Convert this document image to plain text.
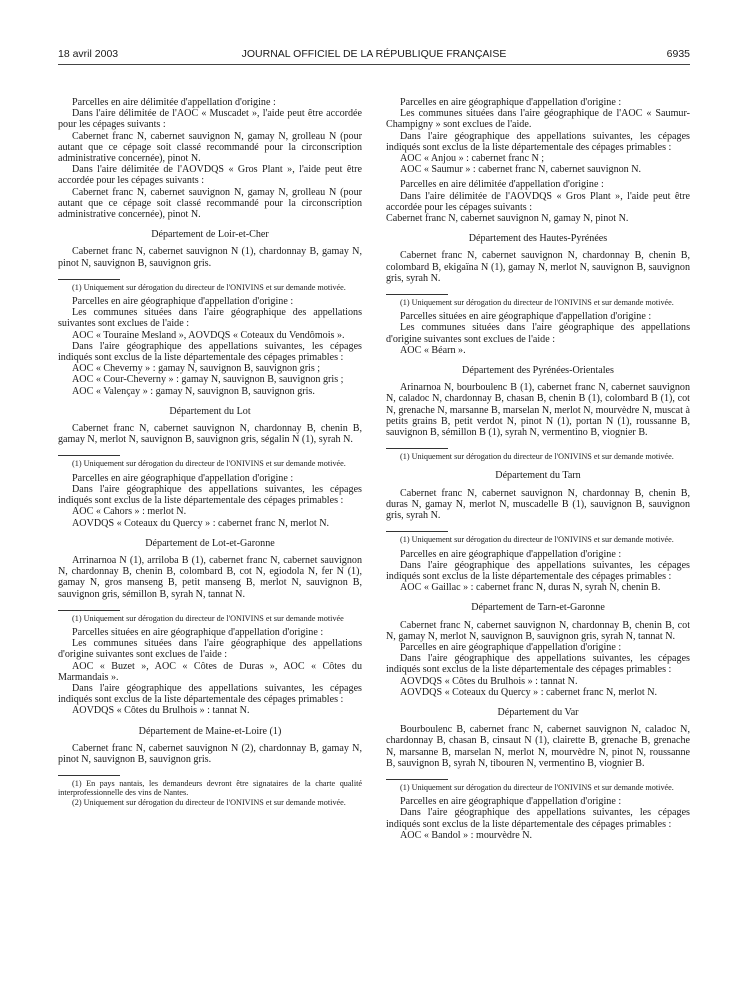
18 avril 2003	JOURNAL OFFICIEL DE LA RÉPUBLIQUE FRANÇAISE	6935

Parcelles en aire délimitée d'appellation d'origine :

Dans l'aire délimitée de l'AOC « Muscadet », l'aide peut être accordée pour les cépages suivants :

Cabernet franc N, cabernet sauvignon N, gamay N, grolleau N (pour autant que ce cépage soit classé recommandé pour la circonscription administrative concernée), pinot N.

Dans l'aire délimitée de l'AOVDQS « Gros Plant », l'aide peut être accordée pour les cépages suivants :

Cabernet franc N, cabernet sauvignon N, gamay N, grolleau N (pour autant que ce cépage soit classé recommandé pour la circonscription administrative concernée), pinot N.

Département de Loir-et-Cher

Cabernet franc N, cabernet sauvignon N (1), chardonnay B, gamay N, pinot N, sauvignon B, sauvignon gris.

(1) Uniquement sur dérogation du directeur de l'ONIVINS et sur demande motivée.

Parcelles en aire géographique d'appellation d'origine :

Les communes situées dans l'aire géographique des appellations suivantes sont exclues de l'aide :

AOC « Touraine Mesland », AOVDQS « Coteaux du Vendômois ».

Dans l'aire géographique des appellations suivantes, les cépages indiqués sont exclus de la liste départementale des cépages primables :

AOC « Cheverny » : gamay N, sauvignon B, sauvignon gris ;

AOC « Cour-Cheverny » : gamay N, sauvignon B, sauvignon gris ;

AOC « Valençay » : gamay N, sauvignon B, sauvignon gris.

Département du Lot

Cabernet franc N, cabernet sauvignon N, chardonnay B, chenin B, gamay N, merlot N, sauvignon B, sauvignon gris, ségalin N (1), syrah N.

(1) Uniquement sur dérogation du directeur de l'ONIVINS et sur demande motivée.

Parcelles en aire géographique d'appellation d'origine :

Dans l'aire géographique des appellations suivantes, les cépages indiqués sont exclus de la liste départementale des cépages primables :

AOC « Cahors » : merlot N.

AOVDQS « Coteaux du Quercy » : cabernet franc N, merlot N.

Département de Lot-et-Garonne

Arrinarnoa N (1), arriloba B (1), cabernet franc N, cabernet sauvignon N, chardonnay B, chenin B, colombard B, cot N, egiodola N, fer N (1), gamay N, gros manseng B, petit manseng B, merlot N, sauvignon B, sauvignon gris, sémillon B, syrah N, tannat N.

(1) Uniquement sur dérogation du directeur de l'ONIVINS et sur demande motivée

Parcelles situées en aire géographique d'appellation d'origine :

Les communes situées dans l'aire géographique des appellations d'origine suivantes sont exclues de l'aide :

AOC « Buzet », AOC « Côtes de Duras », AOC « Côtes du Marmandais ».

Dans l'aire géographique des appellations suivantes, les cépages indiqués sont exclus de la liste départementale des cépages primables :

AOVDQS « Côtes du Brulhois » : tannat N.

Département de Maine-et-Loire (1)

Cabernet franc N, cabernet sauvignon N (2), chardonnay B, gamay N, pinot N, sauvignon B, sauvignon gris.

(1) En pays nantais, les demandeurs devront être signataires de la charte qualité interprofessionnelle des vins de Nantes.

(2) Uniquement sur dérogation du directeur de l'ONIVINS et sur demande motivée.

Parcelles en aire géographique d'appellation d'origine :

Les communes situées dans l'aire géographique de l'AOC « Saumur-Champigny » sont exclues de l'aide.

Dans l'aire géographique des appellations suivantes, les cépages indiqués sont exclus de la liste départementale des cépages primables :

AOC « Anjou » : cabernet franc N ;

AOC « Saumur » : cabernet franc N, cabernet sauvignon N.

Parcelles en aire délimitée d'appellation d'origine :

Dans l'aire délimitée de l'AOVDQS « Gros Plant », l'aide peut être accordée pour les cépages suivants :

Cabernet franc N, cabernet sauvignon N, gamay N, pinot N.

Département des Hautes-Pyrénées

Cabernet franc N, cabernet sauvignon N, chardonnay B, chenin B, colombard B, ekigaïna N (1), gamay N, merlot N, sauvignon B, sauvignon gris, syrah N.

(1) Uniquement sur dérogation du directeur de l'ONIVINS et sur demande motivée.

Parcelles situées en aire géographique d'appellation d'origine :

Les communes situées dans l'aire géographique des appellations d'origine suivantes sont exclues de l'aide :

AOC « Béarn ».

Département des Pyrénées-Orientales

Arinarnoa N, bourboulenc B (1), cabernet franc N, cabernet sauvignon N, caladoc N, chardonnay B, chasan B, chenin B (1), colombard B (1), cot N, grenache N, marsanne B, marselan N, merlot N, mourvèdre N, muscat à petits grains B, petit verdot N, pinot N (1), portan N (1), roussanne B, sauvignon B, sémillon B (1), syrah N, vermentino B, viognier B.

(1) Uniquement sur dérogation du directeur de l'ONIVINS et sur demande motivée.

Département du Tarn

Cabernet franc N, cabernet sauvignon N, chardonnay B, chenin B, duras N, gamay N, merlot N, muscadelle B (1), sauvignon B, sauvignon gris, syrah N.

(1) Uniquement sur dérogation du directeur de l'ONIVINS et sur demande motivée.

Parcelles en aire géographique d'appellation d'origine :

Dans l'aire géographique des appellations suivantes, les cépages indiqués sont exclus de la liste départementale des cépages primables :

AOC « Gaillac » : cabernet franc N, duras N, syrah N, chenin B.

Département de Tarn-et-Garonne

Cabernet franc N, cabernet sauvignon N, chardonnay B, chenin B, cot N, gamay N, merlot N, sauvignon B, sauvignon gris, syrah N, tannat N.

Parcelles en aire géographique d'appellation d'origine :

Dans l'aire géographique des appellations suivantes, les cépages indiqués sont exclus de la liste départementale des cépages primables :

AOVDQS « Côtes du Brulhois » : tannat N.

AOVDQS « Coteaux du Quercy » : cabernet franc N, merlot N.

Département du Var

Bourboulenc B, cabernet franc N, cabernet sauvignon N, caladoc N, chardonnay B, chasan B, cinsaut N (1), clairette B, grenache B, grenache N, marsanne B, marselan N, merlot N, mourvèdre N, pinot N, roussanne B, sauvignon B, syrah N, tibouren N, vermentino B, viognier B.

(1) Uniquement sur dérogation du directeur de l'ONIVINS et sur demande motivée.

Parcelles en aire géographique d'appellation d'origine :

Dans l'aire géographique des appellations suivantes, les cépages indiqués sont exclus de la liste départementale des cépages primables :

AOC « Bandol » : mourvèdre N.
